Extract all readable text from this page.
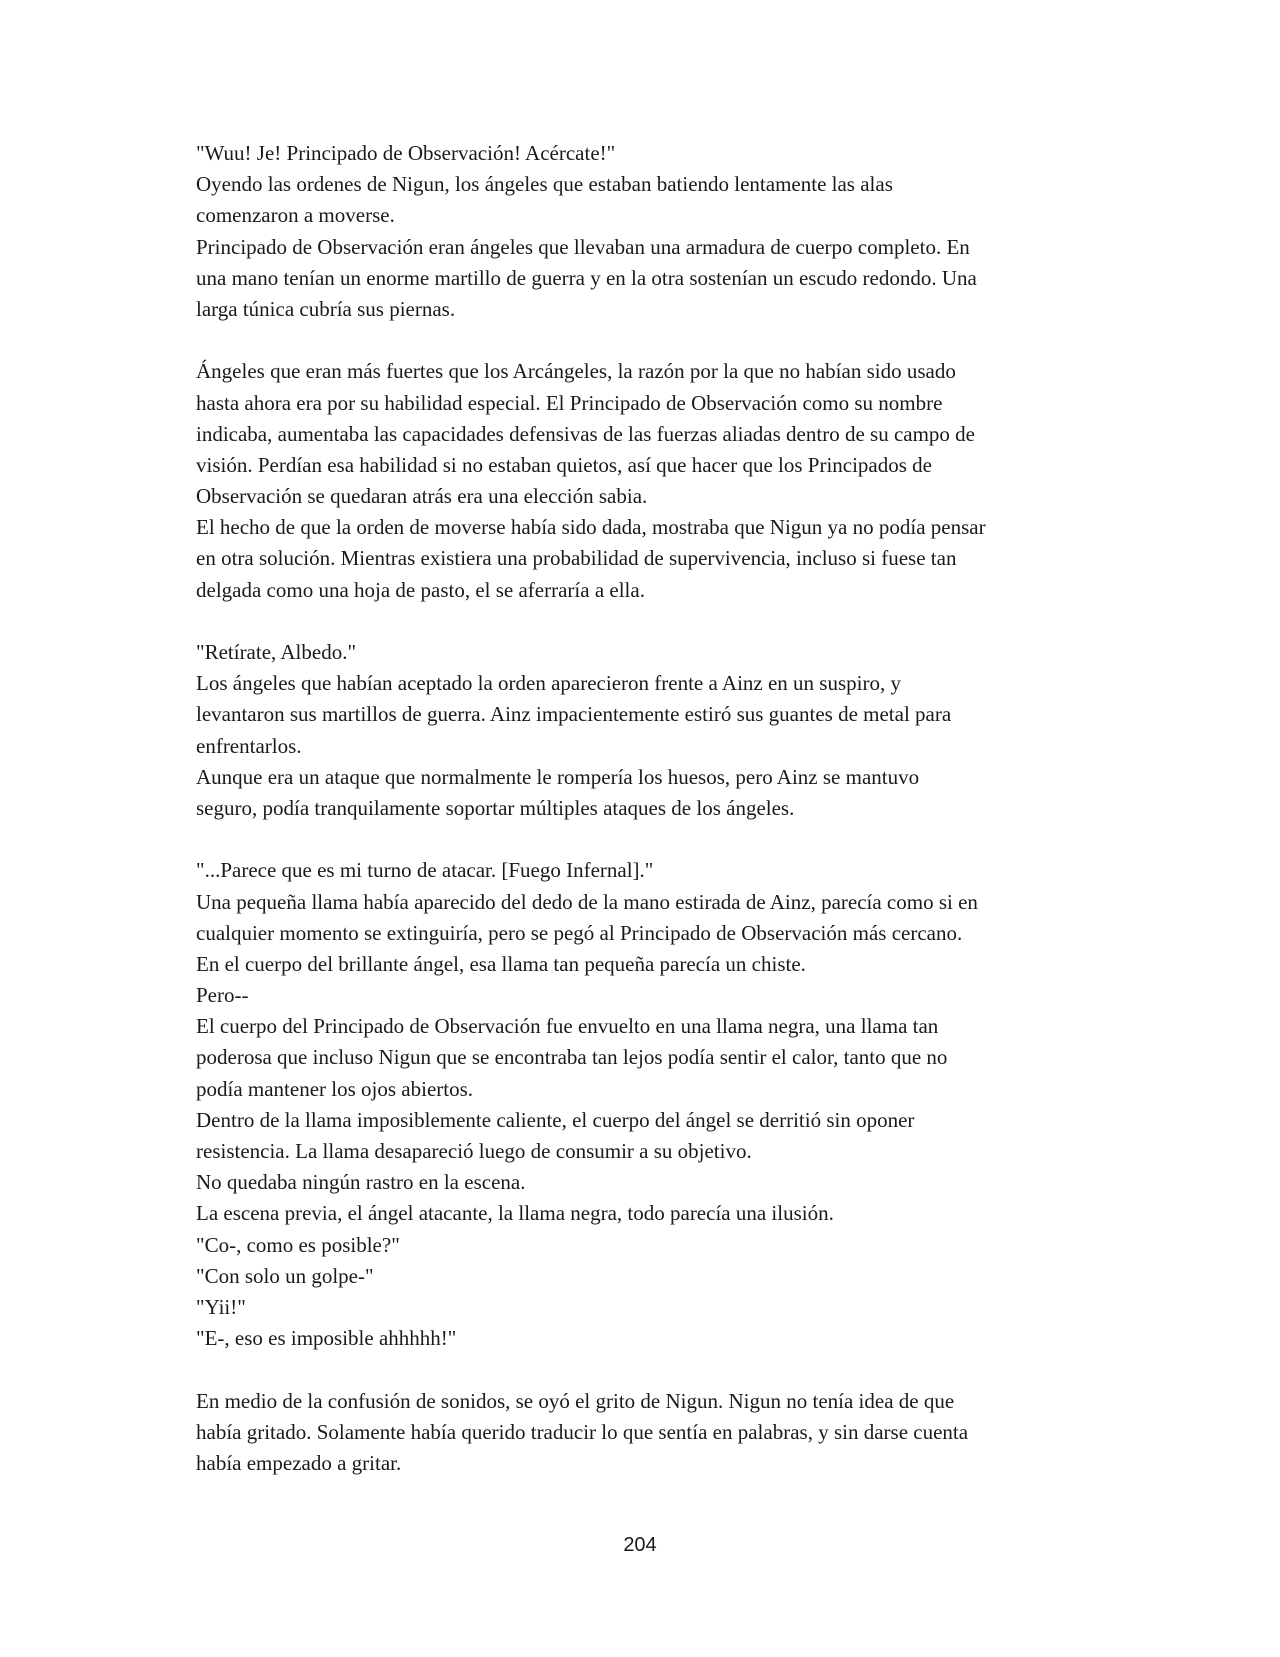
"Wuu! Je! Principado de Observación! Acércate!"
Oyendo las ordenes de Nigun, los ángeles que estaban batiendo lentamente las alas
comenzaron a moverse.
Principado de Observación eran ángeles que llevaban una armadura de cuerpo completo. En
una mano tenían un enorme martillo de guerra y en la otra sostenían un escudo redondo. Una
larga túnica cubría sus piernas.
Ángeles que eran más fuertes que los Arcángeles, la razón por la que no habían sido usado
hasta ahora era por su habilidad especial. El Principado de Observación como su nombre
indicaba, aumentaba las capacidades defensivas de las fuerzas aliadas dentro de su campo de
visión. Perdían esa habilidad si no estaban quietos, así que hacer que los Principados de
Observación se quedaran atrás era una elección sabia.
El hecho de que la orden de moverse había sido dada, mostraba que Nigun ya no podía pensar
en otra solución. Mientras existiera una probabilidad de supervivencia, incluso si fuese tan
delgada como una hoja de pasto, el se aferraría a ella.
"Retírate, Albedo."
Los ángeles que habían aceptado la orden aparecieron frente a Ainz en un suspiro, y
levantaron sus martillos de guerra. Ainz impacientemente estiró sus guantes de metal para
enfrentarlos.
Aunque era un ataque que normalmente le rompería los huesos, pero Ainz se mantuvo
seguro, podía tranquilamente soportar múltiples ataques de los ángeles.
"...Parece que es mi turno de atacar. [Fuego Infernal]."
Una pequeña llama había aparecido del dedo de la mano estirada de Ainz, parecía como si en
cualquier momento se extinguiría, pero se pegó al Principado de Observación más cercano.
En el cuerpo del brillante ángel, esa llama tan pequeña parecía un chiste.
Pero--
El cuerpo del Principado de Observación fue envuelto en una llama negra, una llama tan
poderosa que incluso Nigun que se encontraba tan lejos podía sentir el calor, tanto que no
podía mantener los ojos abiertos.
Dentro de la llama imposiblemente caliente, el cuerpo del ángel se derritió sin oponer
resistencia. La llama desapareció luego de consumir a su objetivo.
No quedaba ningún rastro en la escena.
La escena previa, el ángel atacante, la llama negra, todo parecía una ilusión.
"Co-, como es posible?"
"Con solo un golpe-"
"Yii!"
"E-, eso es imposible ahhhhh!"
En medio de la confusión de sonidos, se oyó el grito de Nigun. Nigun no tenía idea de que
había gritado. Solamente había querido traducir lo que sentía en palabras, y sin darse cuenta
había empezado a gritar.
204
